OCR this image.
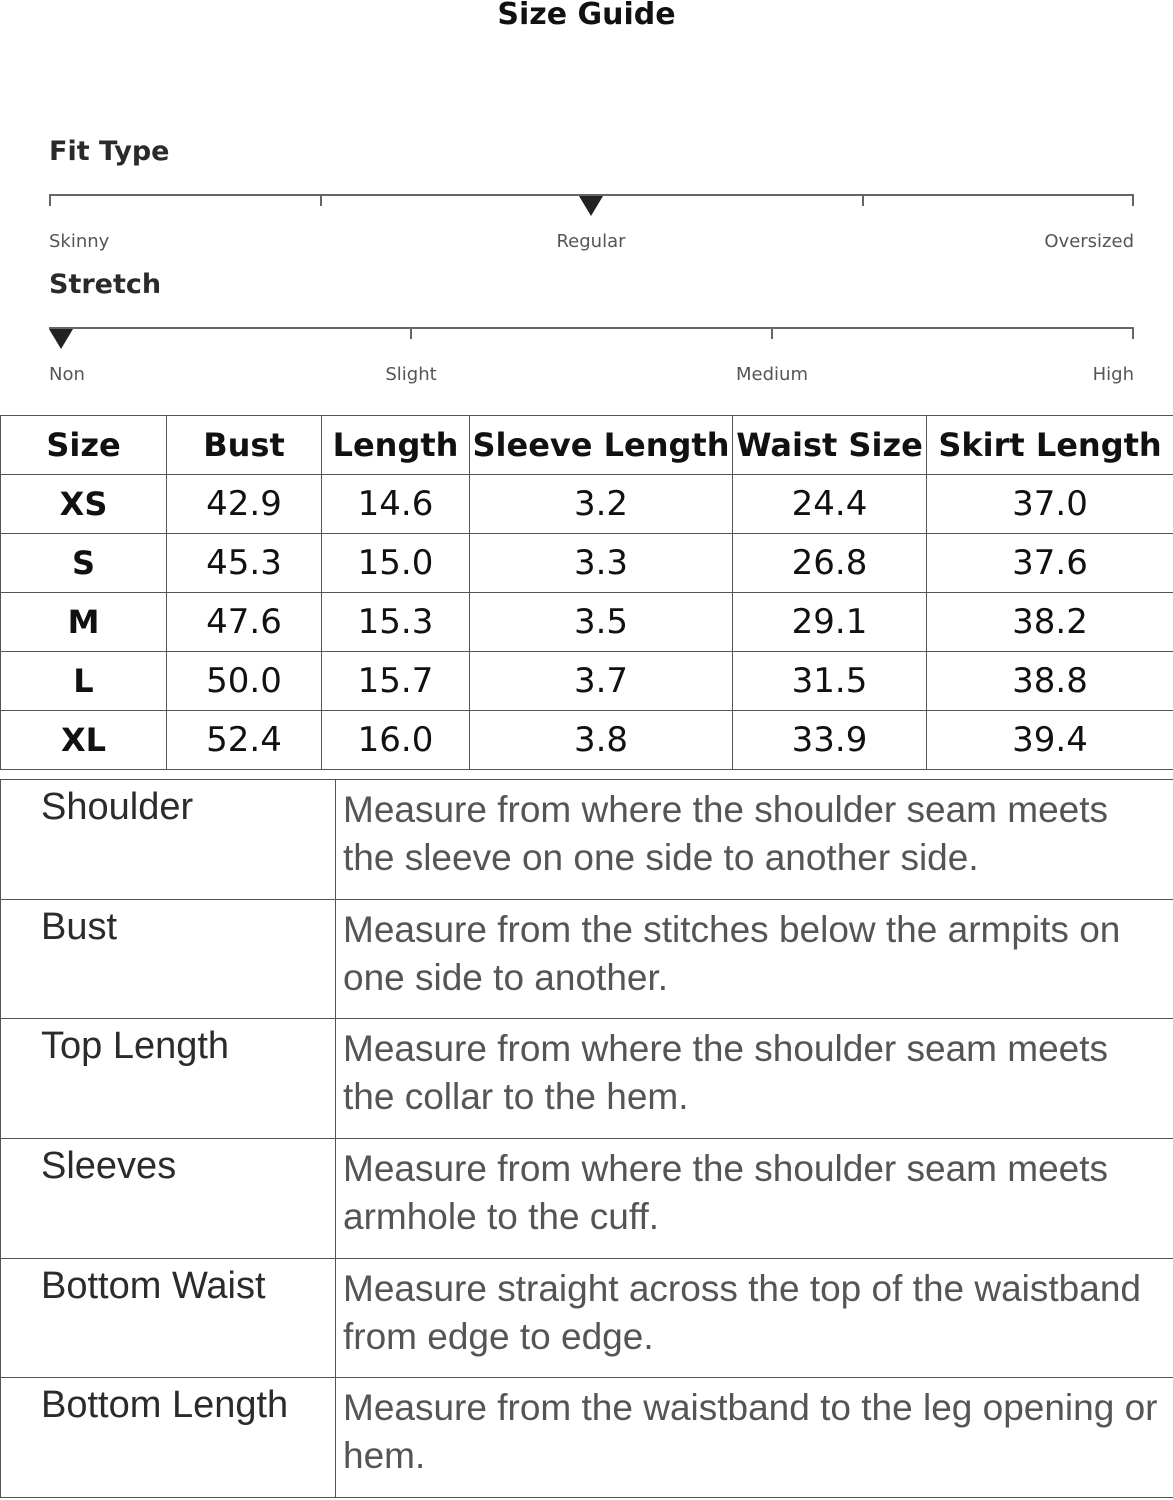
Size Guide
Fit Type
Skinny	Regular	Oversized
Stretch
Non	Slight	Medium	High
Size	Bust	Length	Sleeve Length	Waist Size	Skirt Length
XS	42.9	14.6	3.2	24.4	37.0
S	45.3	15.0	3.3	26.8	37.6
M	47.6	15.3	3.5	29.1	38.2
L	50.0	15.7	3.7	31.5	38.8
XL	52.4	16.0	3.8	33.9	39.4
Shoulder	Measure from where the shoulder seam meets the sleeve on one side to another side.
Bust	Measure from the stitches below the armpits on one side to another.
Top Length	Measure from where the shoulder seam meets the collar to the hem.
Sleeves	Measure from where the shoulder seam meets armhole to the cuff.
Bottom Waist	Measure straight across the top of the waistband from edge to edge.
Bottom Length	Measure from the waistband to the leg opening or hem.
